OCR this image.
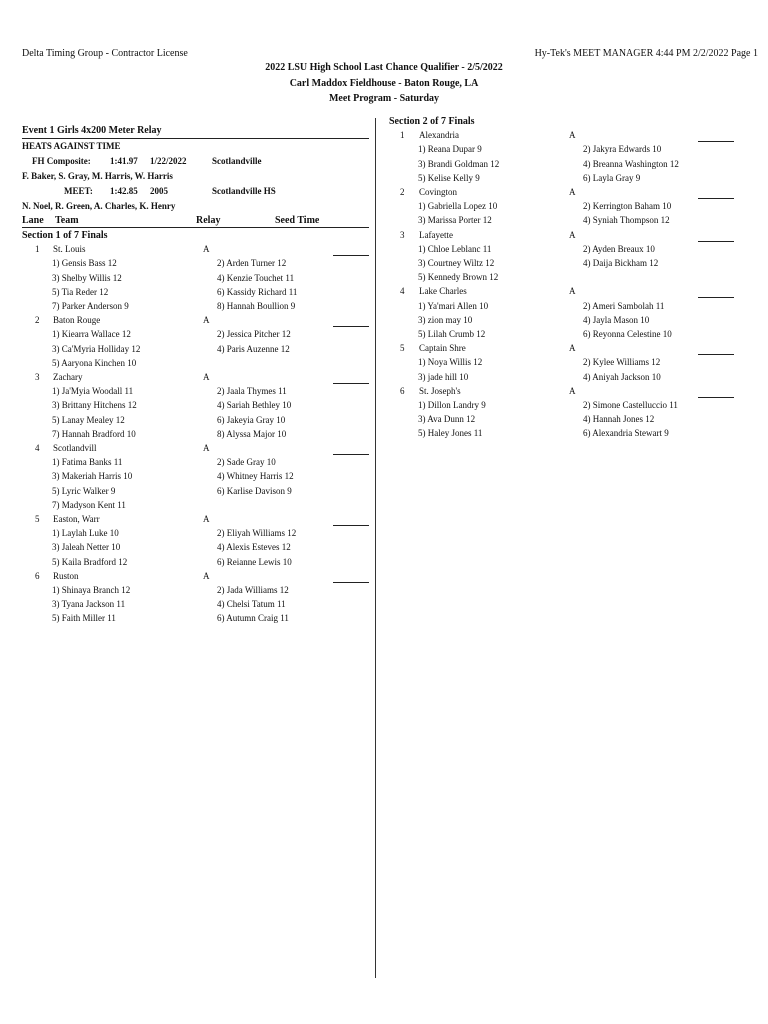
Delta Timing Group - Contractor License	Hy-Tek's MEET MANAGER 4:44 PM 2/2/2022 Page 1
2022 LSU High School Last Chance Qualifier - 2/5/2022
Carl Maddox Fieldhouse - Baton Rouge, LA
Meet Program - Saturday
Event 1 Girls 4x200 Meter Relay
HEATS AGAINST TIME
FH Composite: 1:41.97 1/22/2022	Scotlandville
F. Baker, S. Gray, M. Harris, W. Harris
MEET: 1:42.85 2005	Scotlandville HS
N. Noel, R. Green, A. Charles, K. Henry
Lane Team	Relay	Seed Time
Section 1 of 7 Finals
1 St. Louis	A
1) Gensis Bass 12	2) Arden Turner 12
3) Shelby Willis 12	4) Kenzie Touchet 11
5) Tia Reder 12	6) Kassidy Richard 11
7) Parker Anderson 9	8) Hannah Boullion 9
2 Baton Rouge	A
1) Kiearra Wallace 12	2) Jessica Pitcher 12
3) Ca'Myria Holliday 12	4) Paris Auzenne 12
5) Aaryona Kinchen 10
3 Zachary	A
1) Ja'Myia Woodall 11	2) Jaala Thymes 11
3) Brittany Hitchens 12	4) Sariah Bethley 10
5) Lanay Mealey 12	6) Jakeyia Gray 10
7) Hannah Bradford 10	8) Alyssa Major 10
4 Scotlandvill	A
1) Fatima Banks 11	2) Sade Gray 10
3) Makeriah Harris 10	4) Whitney Harris 12
5) Lyric Walker 9	6) Karlise Davison 9
7) Madyson Kent 11
5 Easton, Warr	A
1) Laylah Luke 10	2) Eliyah Williams 12
3) Jaleah Netter 10	4) Alexis Esteves 12
5) Kaila Bradford 12	6) Reianne Lewis 10
6 Ruston	A
1) Shinaya Branch 12	2) Jada Williams 12
3) Tyana Jackson 11	4) Chelsi Tatum 11
5) Faith Miller 11	6) Autumn Craig 11
Section 2 of 7 Finals
1 Alexandria	A
1) Reana Dupar 9	2) Jakyra Edwards 10
3) Brandi Goldman 12	4) Breanna Washington 12
5) Kelise Kelly 9	6) Layla Gray 9
2 Covington	A
1) Gabriella Lopez 10	2) Kerrington Baham 10
3) Marissa Porter 12	4) Syniah Thompson 12
3 Lafayette	A
1) Chloe Leblanc 11	2) Ayden Breaux 10
3) Courtney Wiltz 12	4) Daija Bickham 12
5) Kennedy Brown 12
4 Lake Charles	A
1) Ya'mari Allen 10	2) Ameri Sambolah 11
3) zion may 10	4) Jayla Mason 10
5) Lilah Crumb 12	6) Reyonna Celestine 10
5 Captain Shre	A
1) Noya Willis 12	2) Kylee Williams 12
3) jade hill 10	4) Aniyah Jackson 10
6 St. Joseph's	A
1) Dillon Landry 9	2) Simone Castelluccio 11
3) Ava Dunn 12	4) Hannah Jones 12
5) Haley Jones 11	6) Alexandria Stewart 9
